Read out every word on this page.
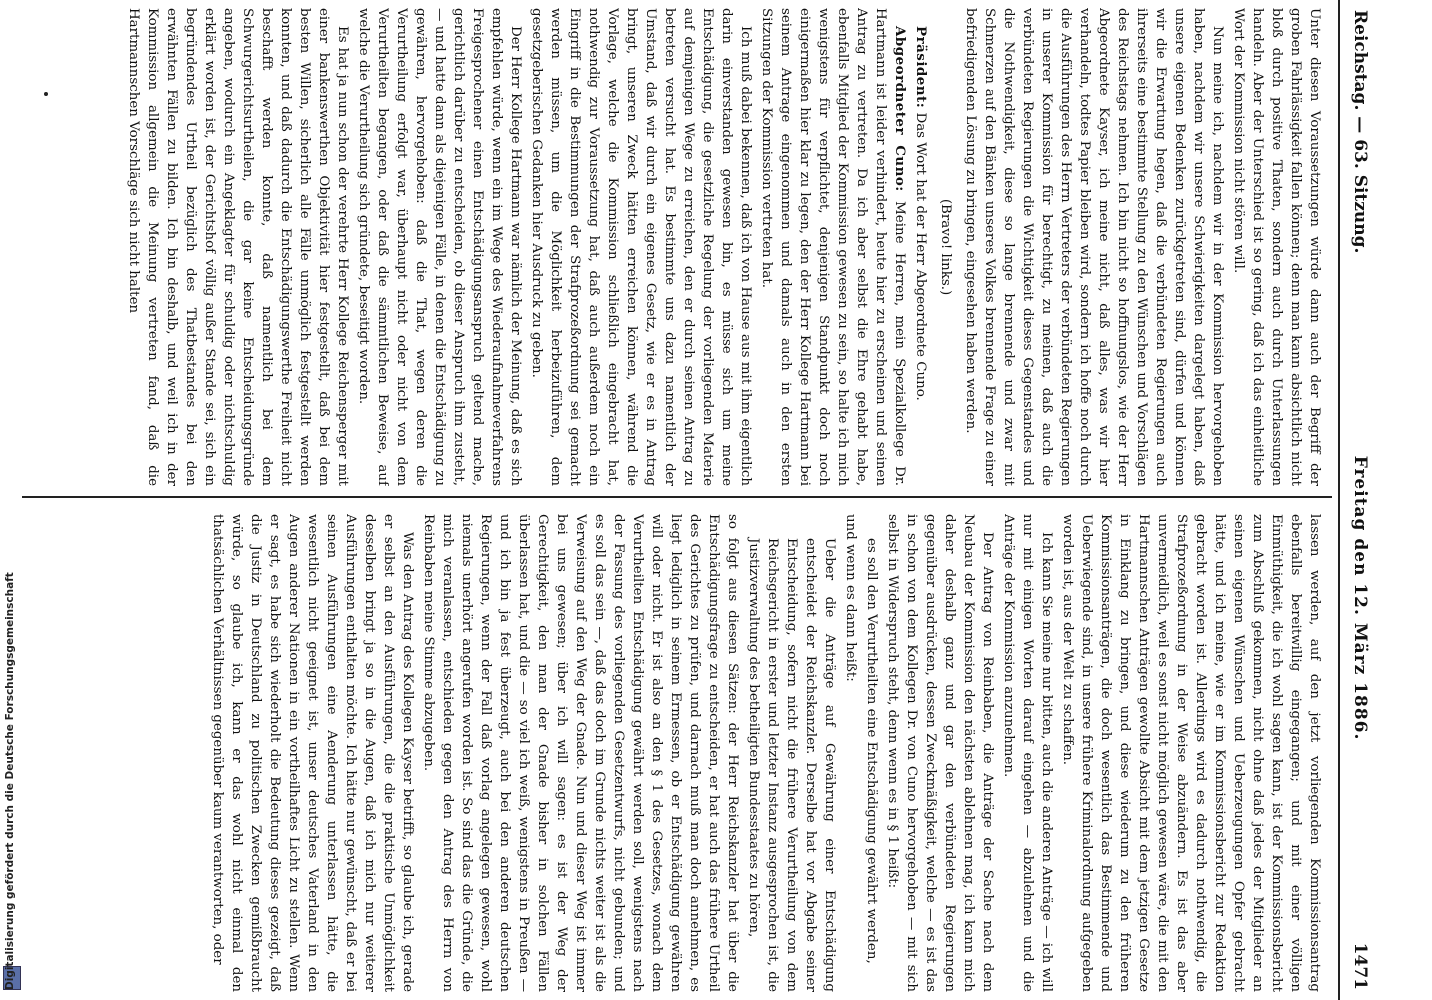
Digitalisierung gefördert durch die Deutsche Forschungsgemeinschaft
Reichstag. — 63. Sitzung.
Freitag den 12. März 1886.
1471

Unter diesen Voraussetzungen würde dann auch der Begriff der groben Fahrlässigkeit fallen können; denn man kann absichtlich nicht bloß durch positive Thaten, sondern auch durch Unterlassungen handeln. Aber der Unterschied ist so gering, daß ich das einheitliche Wort der Kommission nicht stören will.

Nun meine ich, nachdem wir in der Kommission hervorgehoben haben, nachdem wir unsere Schwierigkeiten dargelegt haben, daß unsere eigenen Bedenken zurückgetreten sind, dürfen und können wir die Erwartung hegen, daß die verbündeten Regierungen auch ihrerseits eine bestimmte Stellung zu den Wünschen und Vorschlägen des Reichstags nehmen. Ich bin nicht so hoffnungslos, wie der Herr Abgeordnete Kayser, ich meine nicht, daß alles, was wir hier verhandeln, todtes Papier bleiben wird, sondern ich hoffe noch durch die Ausführungen des Herrn Vertreters der verbündeten Regierungen in unserer Kommission für berechtigt, zu meinen, daß auch die verbündeten Regierungen die Wichtigkeit dieses Gegenstandes und die Nothwendigkeit, diese so lange brennende und zwar mit Schmerzen auf den Bänken unseres Volkes brennende Frage zu einer befriedigenden Lösung zu bringen, eingesehen haben werden.

(Bravo! links.)

Präsident: Das Wort hat der Herr Abgeordnete Cuno.

Abgeordneter Cuno: Meine Herren, mein Spezialkollege Dr. Hartmann ist leider verhindert, heute hier zu erscheinen und seinen Antrag zu vertreten. Da ich aber selbst die Ehre gehabt habe, ebenfalls Mitglied der Kommission gewesen zu sein, so halte ich mich wenigstens für verpflichtet, denjenigen Standpunkt doch noch einigermaßen hier klar zu legen, den der Herr Kollege Hartmann bei seinem Antrage eingenommen und damals auch in den ersten Sitzungen der Kommission vertreten hat.

Ich muß dabei bekennen, daß ich von Hause aus mit ihm eigentlich darin einverstanden gewesen bin, es müsse sich um meine Entschädigung, die gesetzliche Regelung der vorliegenden Materie auf demjenigen Wege zu erreichen, den er durch seinen Antrag zu betreten versucht hat. Es bestimmte uns dazu namentlich der Umstand, daß wir durch ein eigenes Gesetz, wie er es in Antrag bringt, unseren Zweck hätten erreichen können, während die Vorlage, welche die Kommission schließlich eingebracht hat, nothwendig zur Voraussetzung hat, daß auch außerdem noch ein Eingriff in die Bestimmungen der Strafprozeßordnung sei gemacht werden müssen, um die Möglichkeit herbeizuführen, dem gesetzgeberischen Gedanken hier Ausdruck zu geben.

Der Herr Kollege Hartmann war nämlich der Meinung, daß es sich empfehlen würde, wenn ein im Wege des Wiederaufnahmeverfahrens Freigesprochener einen Entschädigungsanspruch geltend mache, gerichtlich darüber zu entscheiden, ob dieser Anspruch ihm zusteht, — und hatte dann als diejenigen Fälle, in denen die Entschädigung zu gewähren, hervorgehoben: daß die That, wegen deren die Verurtheilung erfolgt war, überhaupt nicht oder nicht von dem Verurtheilten begangen, oder daß die sämmtlichen Beweise, auf welche die Verurtheilung sich gründete, beseitigt worden.

Es hat ja nun schon der verehrte Herr Kollege Reichensperger mit einer bankenswerthen Objektivität hier festgestellt, daß bei dem besten Willen, sicherlich alle Fälle unmöglich festgestellt werden konnten, und daß dadurch die Entschädigungswerthe Freiheit nicht beschafft werden konnte, daß namentlich bei dem Schwurgerichtsurtheilen, die gar keine Entscheidungsgründe angeben, wodurch ein Angeklagter für schuldig oder nichtschuldig erklärt worden ist, der Gerichtshof völlig außer Stande sei, sich ein begründendes Urtheil bezüglich des Thatbestandes bei den erwähnten Fällen zu bilden. Ich bin deshalb, und weil ich in der Kommission allgemein die Meinung vertreten fand, daß die Hartmannschen Vorschläge sich nicht halten

lassen werden, auf den jetzt vorliegenden Kommissionsantrag ebenfalls bereitwillig eingegangen; und mit einer völligen Einmüthigkeit, die ich wohl sagen kann, ist der Kommissionsbericht zum Abschluß gekommen, nicht ohne daß jedes der Mitglieder an seinen eigenen Wünschen und Ueberzeugungen Opfer gebracht hätte, und ich meine, wie er im Kommissionsbericht zur Redaktion gebracht worden ist. Allerdings wird es dadurch nothwendig, die Strafprozeßordnung in der Weise abzuändern. Es ist das aber unvermeidlich, weil es sonst nicht möglich gewesen wäre, die mit den Hartmannschen Anträgen gewollte Absicht mit dem jetzigen Gesetze in Einklang zu bringen, und diese wiederum zu den früheren Kommissionsanträgen, die doch wesentlich das Bestimmende und Ueberwiegende sind, in unsere frühere Kriminalordnung aufgegeben worden ist, aus der Welt zu schaffen.

Ich kann Sie meine nur bitten, auch die anderen Anträge — ich will nur mit einigen Worten darauf eingehen — abzulehnen und die Anträge der Kommission anzunehmen.

Der Antrag von Reinbaben, die Anträge der Sache nach dem Neubau der Kommission den nächsten ablehnen mag, ich kann mich daher deshalb ganz und gar den verbündeten Regierungen gegenüber ausdrücken, dessen Zweckmäßigkeit, welche — es ist das in schon von dem Kollegen Dr. von Cuno hervorgehoben — mit sich selbst in Widerspruch steht, denn wenn es in § 1 heißt:

es soll den Verurtheilten eine Entschädigung gewährt werden,

und wenn es dann heißt:

Ueber die Anträge auf Gewährung einer Entschädigung entscheidet der Reichskanzler. Derselbe hat vor Abgabe seiner Entscheidung, sofern nicht die frühere Verurtheilung von dem Reichsgericht in erster und letzter Instanz ausgesprochen ist, die Justizverwaltung des betheiligten Bundesstaates zu hören,

so folgt aus diesen Sätzen: der Herr Reichskanzler hat über die Entschädigungsfrage zu entscheiden, er hat auch das frühere Urtheil des Gerichtes zu prüfen, und darnach muß man doch annehmen, es liegt lediglich in seinem Ermessen, ob er Entschädigung gewähren will oder nicht. Er ist also an den § 1 des Gesetzes, wonach dem Verurtheilten Entschädigung gewährt werden soll, wenigstens nach der Fassung des vorliegenden Gesetzentwurfs, nicht gebunden; und es soll das sein —, daß das doch im Grunde nichts weiter ist als die Verweisung auf den Weg der Gnade. Nun und dieser Weg ist immer bei uns gewesen; über ich will sagen: es ist der Weg der Gerechtigkeit, den man der Gnade bisher in solchen Fällen überlassen hat, und die — so viel ich weiß, wenigstens in Preußen — und ich bin ja fest überzeugt, auch bei den anderen deutschen Regierungen, wenn der Fall daß vorlag angelegen gewesen, wohl niemals unerhört angerufen worden ist. So sind das die Gründe, die mich veranlassen, entschieden gegen den Antrag des Herrn von Reinbaben meine Stimme abzugeben.

Was den Antrag des Kollegen Kayser betrifft, so glaube ich, gerade er selbst an den Ausführungen, die die praktische Unmöglichkeit desselben bringt ja so in die Augen, daß ich mich nur weiterer Ausführungen enthalten möchte. Ich hätte nur gewünscht, daß er bei seinen Ausführungen eine Aenderung unterlassen hätte, die wesentlich nicht geeignet ist, unser deutsches Vaterland in den Augen anderer Nationen in ein vortheilhaftes Licht zu stellen. Wenn er sagt, es habe sich wiederholt die Bedeutung dieses gezeigt, daß die Justiz in Deutschland zu politischen Zwecken gemißbraucht würde, so glaube ich, kann er das wohl nicht einmal den thatsächlichen Verhältnissen gegenüber kaum verantworten, oder
